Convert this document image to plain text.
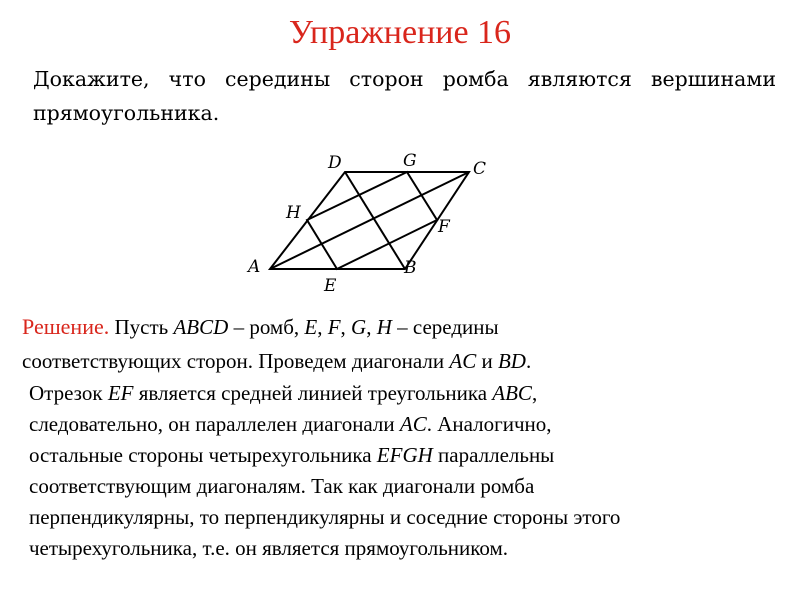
Упражнение 16
Докажите, что середины сторон ромба являются вершинами прямоугольника.
A	B
C
D
E
F
G
H
Решение. Пусть ABCD – ромб, E, F, G, H – середины
соответствующих сторон. Проведем диагонали AC и BD.
Отрезок EF является средней линией треугольника ABC,
следовательно, он параллелен диагонали AC. Аналогично,
остальные стороны четырехугольника EFGH параллельны
соответствующим диагоналям. Так как диагонали ромба
перпендикулярны, то перпендикулярны и соседние стороны этого
четырехугольника, т.е. он является прямоугольником.
